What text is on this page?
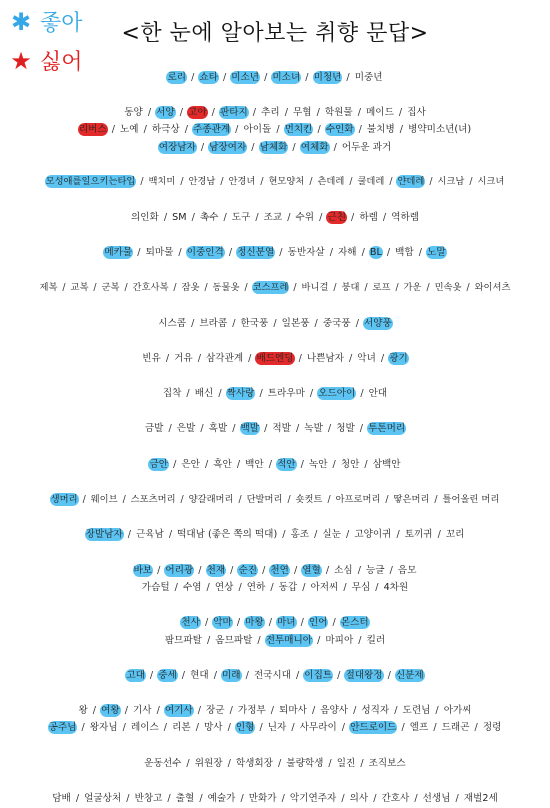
✱ 좋아
★ 싫어
<한 눈에 알아보는 취향 문답>
로리 / 쇼타 / 미소년 / 미소녀 / 미청년 / 미중년
동양 / 서양 / 고아 / 판타지 / 추리 / 무협 / 학원물 / 메이드 / 집사
리버스 / 노예 / 하극상 / 주종관계 / 아이돌 / 먼치킨 / 수인화 / 불치병 / 병약미소년(녀)
여장남자 / 남장여자 / 남체화 / 여체화 / 어두운 과거
모성애를일으키는타입 / 백치미 / 안경남 / 안경녀 / 현모양처 / 츤데레 / 쿨데레 / 얀데레 / 시크남 / 시크녀
의인화 / SM / 촉수 / 도구 / 조교 / 수위 / 근친 / 하렘 / 역하렘
메카물 / 퇴마물 / 이중인격 / 정신분열 / 동반자살 / 자해 / BL / 백합 / 노말
제복 / 교복 / 군복 / 간호사복 / 잠옷 / 동물옷 / 코스프레 / 바니걸 / 붕대 / 로프 / 가운 / 민속옷 / 와이셔츠
시스콤 / 브라콤 / 한국풍 / 일본풍 / 중국풍 / 서양풍
빈유 / 거유 / 삼각관계 / 배드엔딩 / 나쁜남자 / 악녀 / 광기
집착 / 배신 / 짝사랑 / 트라우마 / 오드아이 / 안대
금발 / 은발 / 흑발 / 백발 / 적발 / 녹발 / 청발 / 투톤머리
금안 / 은안 / 흑안 / 백안 / 적안 / 녹안 / 청안 / 삼백안
생머리 / 웨이브 / 스포츠머리 / 양갈래머리 / 단발머리 / 숏컷트 / 아프로머리 / 땋은머리 / 틀어올린 머리
장발남자 / 근육남 / 떡대남 (좋은 쪽의 떡대) / 홍조 / 실눈 / 고양이귀 / 토끼귀 / 꼬리
바보 / 어리광 / 천재 / 순진 / 천연 / 열혈 / 소심 / 능글 / 음모
가슴털 / 수염 / 연상 / 연하 / 동갑 / 아저씨 / 무심 / 4차원
천사 / 악마 / 마왕 / 마녀 / 인어 / 몬스터
팜므파탈 / 옴므파탈 / 전투매니아 / 마피아 / 킬러
고대 / 중세 / 현대 / 미래 / 전국시대 / 이집트 / 절대왕정 / 신분제
왕 / 여왕 / 기사 / 여기사 / 장군 / 가정부 / 퇴마사 / 음양사 / 성직자 / 도련님 / 아가씨
공주님 / 왕자님 / 레이스 / 리본 / 망사 / 인형 / 닌자 / 사무라이 / 안드로이드 / 엘프 / 드래곤 / 정령
운동선수 / 위원장 / 학생회장 / 불량학생 / 일진 / 조직보스
담배 / 얼굴상처 / 반창고 / 출혈 / 예술가 / 만화가 / 악기연주자 / 의사 / 간호사 / 선생님 / 재벌2세
